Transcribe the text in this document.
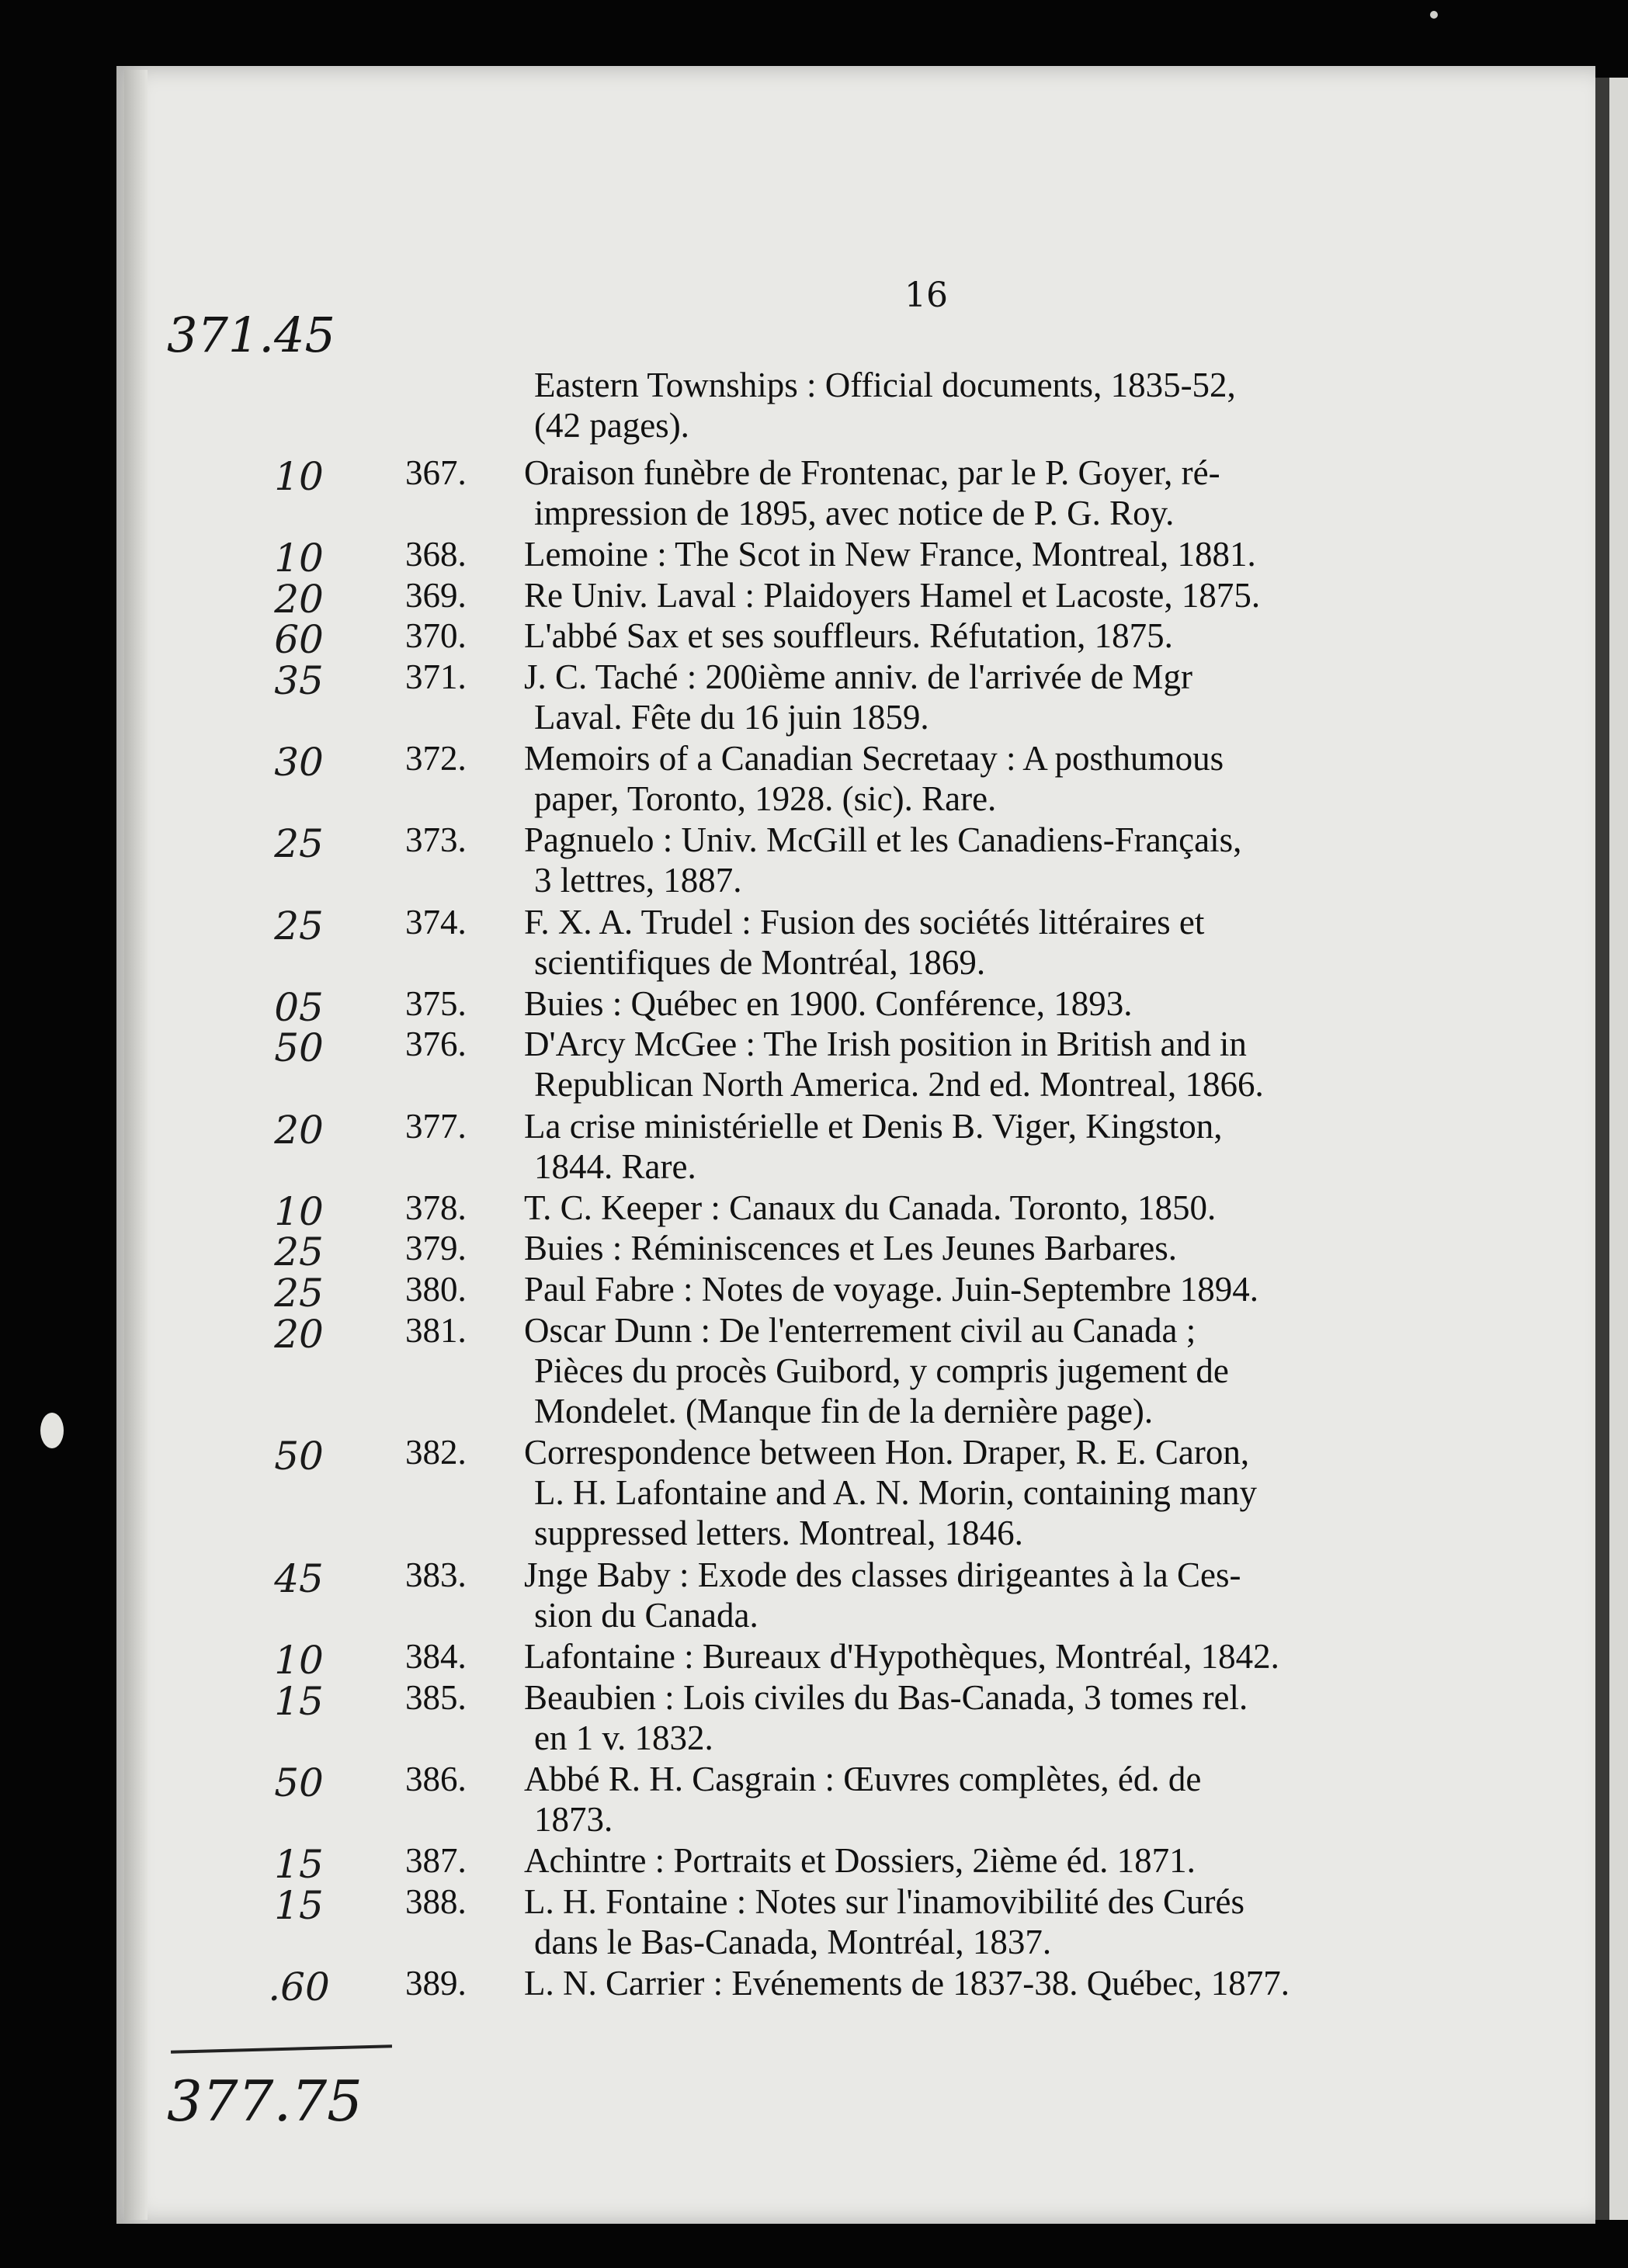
371.45
16
Eastern Townships : Official documents, 1835-52,
(42 pages).
10	367. Oraison funèbre de Frontenac, par le P. Goyer, ré-
impression de 1895, avec notice de P. G. Roy.
10	368. Lemoine : The Scot in New France, Montreal, 1881.
20	369. Re Univ. Laval : Plaidoyers Hamel et Lacoste, 1875.
60	370. L'abbé Sax et ses souffleurs. Réfutation, 1875.
35	371. J. C. Taché : 200ième anniv. de l'arrivée de Mgr
Laval. Fête du 16 juin 1859.
30	372. Memoirs of a Canadian Secretaay : A posthumous
paper, Toronto, 1928. (sic). Rare.
25	373. Pagnuelo : Univ. McGill et les Canadiens-Français,
3 lettres, 1887.
25	374. F. X. A. Trudel : Fusion des sociétés littéraires et
scientifiques de Montréal, 1869.
05	375. Buies : Québec en 1900. Conférence, 1893.
50	376. D'Arcy McGee : The Irish position in British and in
Republican North America. 2nd ed. Montreal, 1866.
20	377. La crise ministérielle et Denis B. Viger, Kingston,
1844. Rare.
10	378. T. C. Keeper : Canaux du Canada. Toronto, 1850.
25	379. Buies : Réminiscences et Les Jeunes Barbares.
25	380. Paul Fabre : Notes de voyage. Juin-Septembre 1894.
20	381. Oscar Dunn : De l'enterrement civil au Canada ;
Pièces du procès Guibord, y compris jugement de
Mondelet. (Manque fin de la dernière page).
50	382. Correspondence between Hon. Draper, R. E. Caron,
L. H. Lafontaine and A. N. Morin, containing many
suppressed letters. Montreal, 1846.
45	383. Jnge Baby : Exode des classes dirigeantes à la Ces-
sion du Canada.
10	384. Lafontaine : Bureaux d'Hypothèques, Montréal, 1842.
15	385. Beaubien : Lois civiles du Bas-Canada, 3 tomes rel.
en 1 v. 1832.
50	386. Abbé R. H. Casgrain : Œuvres complètes, éd. de
1873.
15	387. Achintre : Portraits et Dossiers, 2ième éd. 1871.
15	388. L. H. Fontaine : Notes sur l'inamovibilité des Curés
dans le Bas-Canada, Montréal, 1837.
.60	389. L. N. Carrier : Evénements de 1837-38. Québec, 1877.
377.75
